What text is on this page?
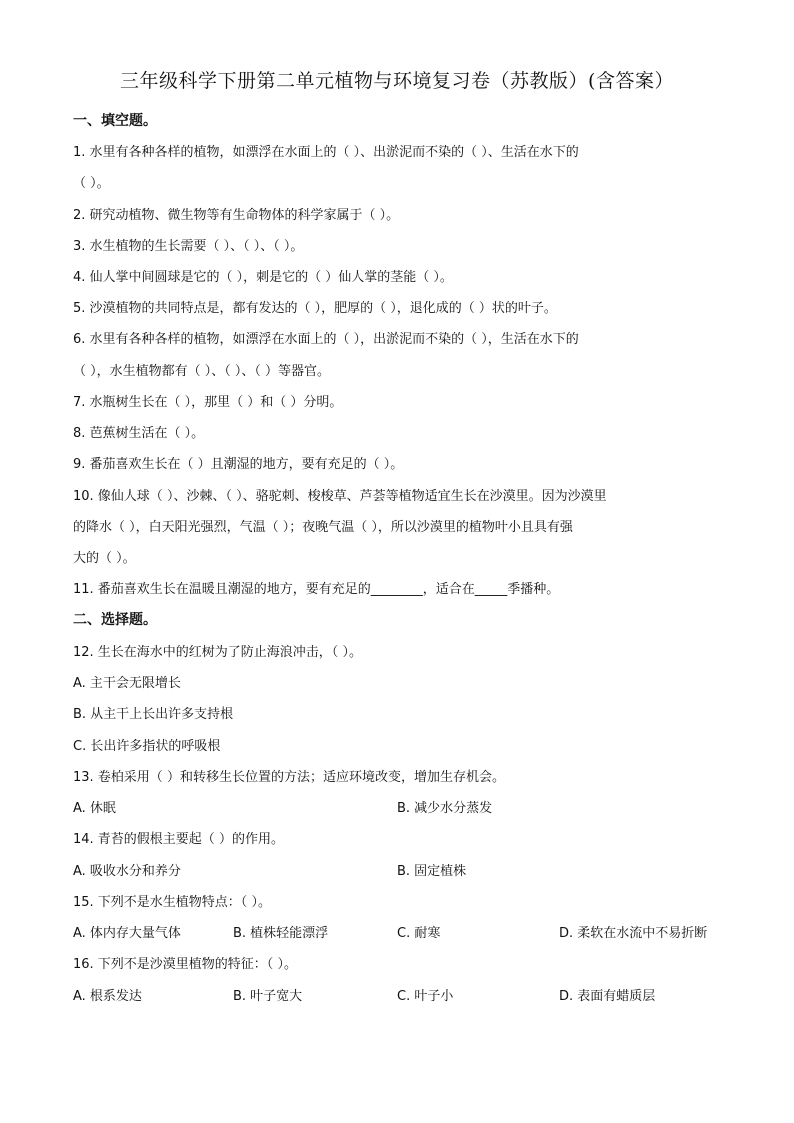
三年级科学下册第二单元植物与环境复习卷（苏教版）(含答案）
一、填空题。
1. 水里有各种各样的植物，如漂浮在水面上的（ ）、出淤泥而不染的（ ）、生活在水下的
（ ）。
2. 研究动植物、微生物等有生命物体的科学家属于（ ）。
3. 水生植物的生长需要（ ）、（ ）、（ ）。
4. 仙人掌中间圆球是它的（ ），刺是它的（ ）仙人掌的茎能（ ）。
5. 沙漠植物的共同特点是，都有发达的（ ），肥厚的（ ），退化成的（ ）状的叶子。
6. 水里有各种各样的植物，如漂浮在水面上的（ ），出淤泥而不染的（ ），生活在水下的
（ ），水生植物都有（ ）、（ ）、（ ）等器官。
7. 水瓶树生长在（ ），那里（ ）和（ ）分明。
8. 芭蕉树生活在（ ）。
9. 番茄喜欢生长在（ ）且潮湿的地方，要有充足的（ ）。
10. 像仙人球（ ）、沙棘、（ ）、骆驼刺、梭梭草、芦荟等植物适宜生长在沙漠里。因为沙漠里
的降水（ ），白天阳光强烈，气温（ ）；夜晚气温（ ），所以沙漠里的植物叶小且具有强
大的（ ）。
11. 番茄喜欢生长在温暖且潮湿的地方，要有充足的________，适合在_____季播种。
二、选择题。
12. 生长在海水中的红树为了防止海浪冲击，（ ）。
A. 主干会无限增长
B. 从主干上长出许多支持根
C. 长出许多指状的呼吸根
13. 卷柏采用（ ）和转移生长位置的方法；适应环境改变，增加生存机会。
A. 休眠	B. 减少水分蒸发
14. 青苔的假根主要起（ ）的作用。
A. 吸收水分和养分	B. 固定植株
15. 下列不是水生植物特点：（ ）。
A. 体内存大量气体	B. 植株轻能漂浮	C. 耐寒	D. 柔软在水流中不易折断
16. 下列不是沙漠里植物的特征：（ ）。
A. 根系发达	B. 叶子宽大	C. 叶子小	D. 表面有蜡质层
